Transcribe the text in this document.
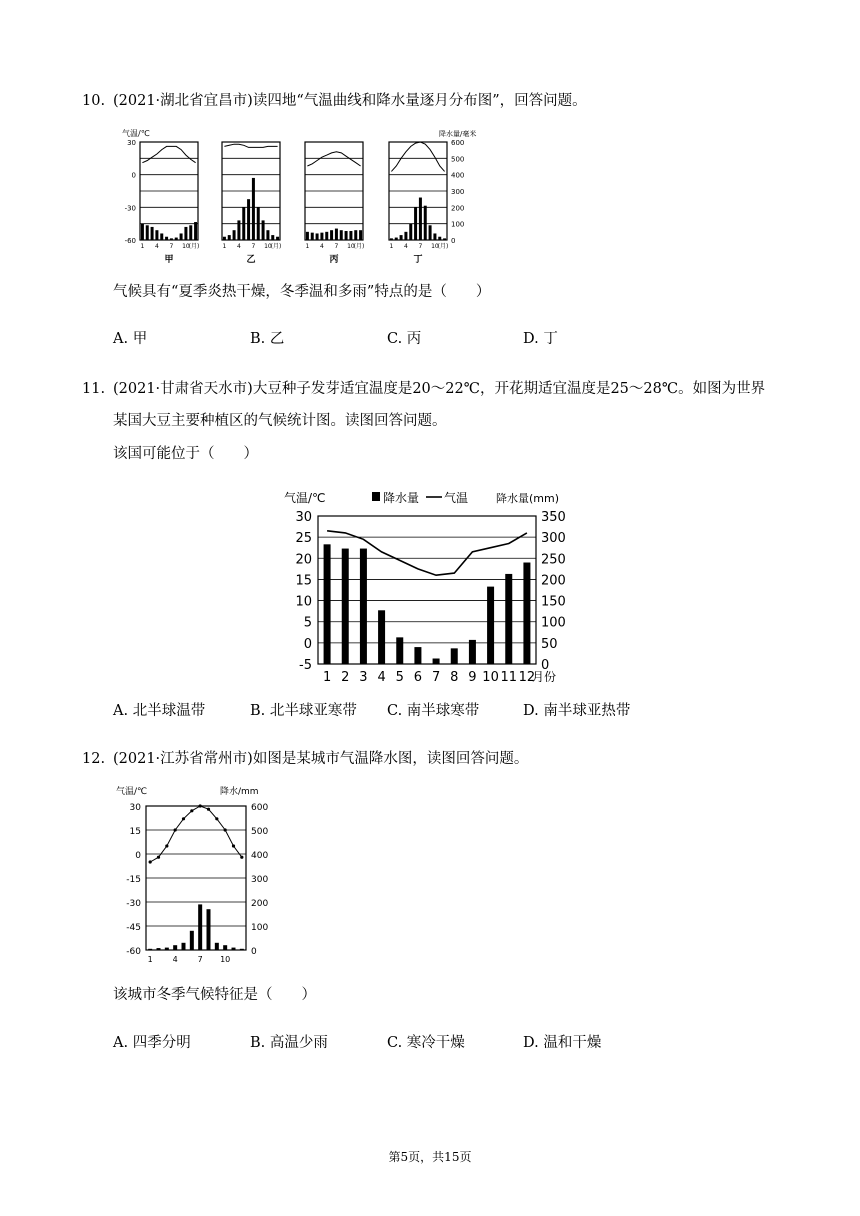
10. (2021·湖北省宜昌市)读四地“气温曲线和降水量逐月分布图”，回答问题。
1 4 7 10
(月)
甲
气温/℃
30
0
-30
-60
1 4 7 10
(月)
乙
1 4 7 10
(月)
丙
1 4 7 10
(月)
丁
降水量/毫米
600
500
400
300
200
100
0
气候具有“夏季炎热干燥，冬季温和多雨”特点的是（　　）
A. 甲	B. 乙	C. 丙	D. 丁
11. (2021·甘肃省天水市)大豆种子发芽适宜温度是20～22℃，开花期适宜温度是25～28℃。如图为世界
某国大豆主要种植区的气候统计图。读图回答问题。
该国可能位于（　　）
气温/℃	降水量 气温	降水量(mm)
30
25
20
15
10
5
0
-5
350
300
250
200
150
100
50
0
1 2 3 4 5 6 7 8 9 10 11 12
月份
A. 北半球温带	B. 北半球亚寒带 C. 南半球寒带	D. 南半球亚热带
12. (2021·江苏省常州市)如图是某城市气温降水图，读图回答问题。
气温/℃	降水/mm
30
15
0
-15
-30
-45
-60
600
500
400
300
200
100
0
1 4 7 10
该城市冬季气候特征是（　　）
A. 四季分明	B. 高温少雨	C. 寒冷干燥	D. 温和干燥
第5页，共15页
